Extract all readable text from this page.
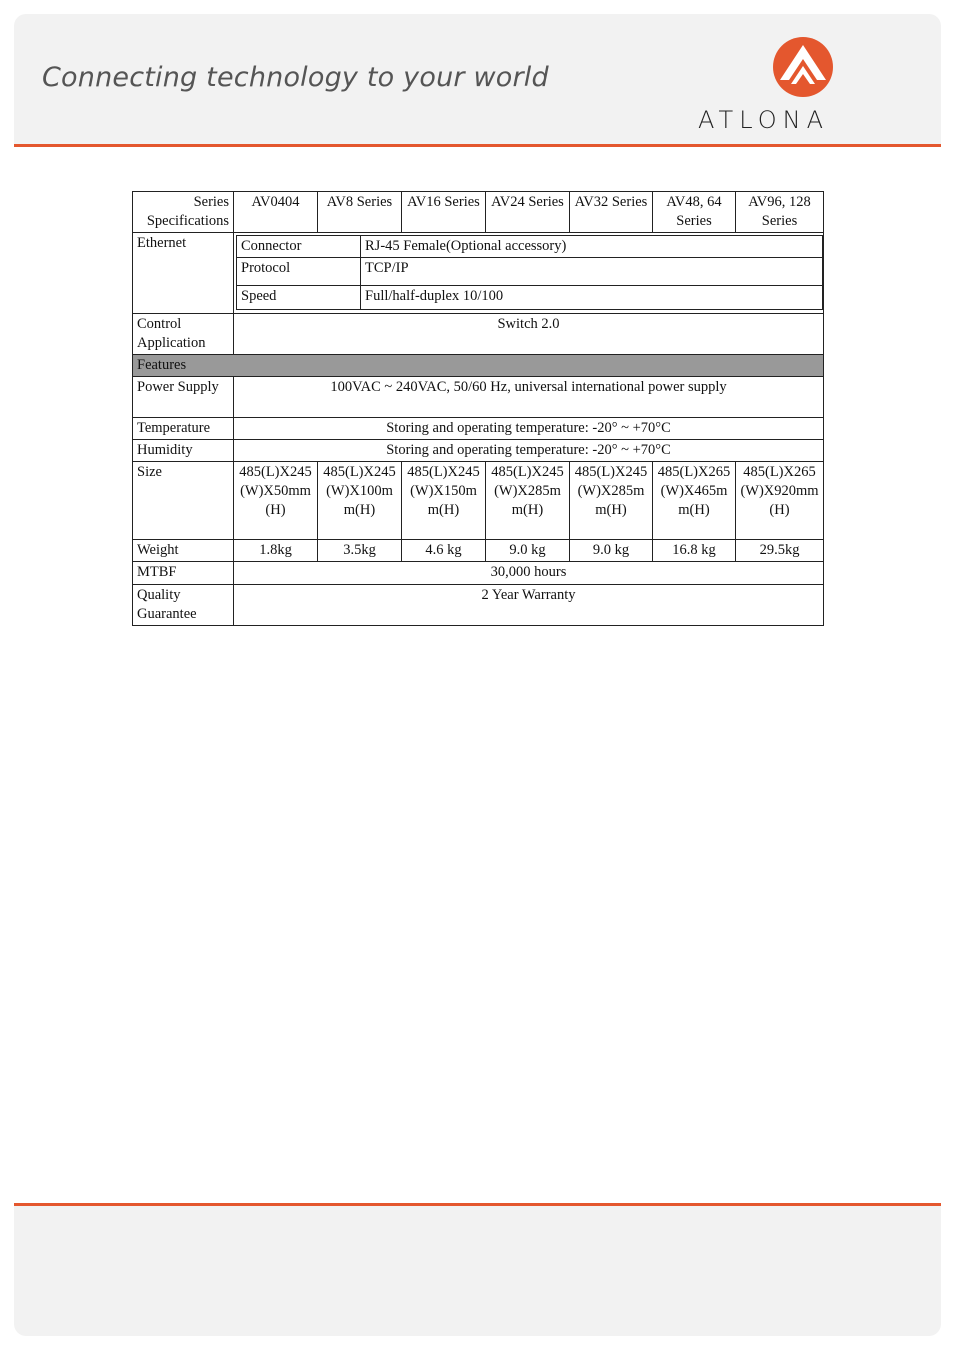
Connecting technology to your world
ATLONA
Series Specifications	AV0404	AV8 Series	AV16 Series	AV24 Series	AV32 Series	AV48, 64 Series	AV96, 128 Series
Ethernet		Connector	RJ-45 Female(Optional accessory)
Protocol	TCP/IP
Speed	Full/half-duplex 10/100

Control Application	Switch 2.0
Features
Power Supply	100VAC ~ 240VAC, 50/60 Hz, universal international power supply
Temperature	Storing and operating temperature: -20° ~ +70°C
Humidity	Storing and operating temperature: -20° ~ +70°C
Size	485(L)X245(W)X50mm(H)	485(L)X245(W)X100mm(H)	485(L)X245(W)X150mm(H)	485(L)X245(W)X285mm(H)	485(L)X245(W)X285mm(H)	485(L)X265(W)X465mm(H)	485(L)X265(W)X920mm(H)
Weight	1.8kg	3.5kg	4.6 kg	9.0 kg	9.0 kg	16.8 kg	29.5kg
MTBF	30,000 hours
Quality Guarantee	2 Year Warranty
